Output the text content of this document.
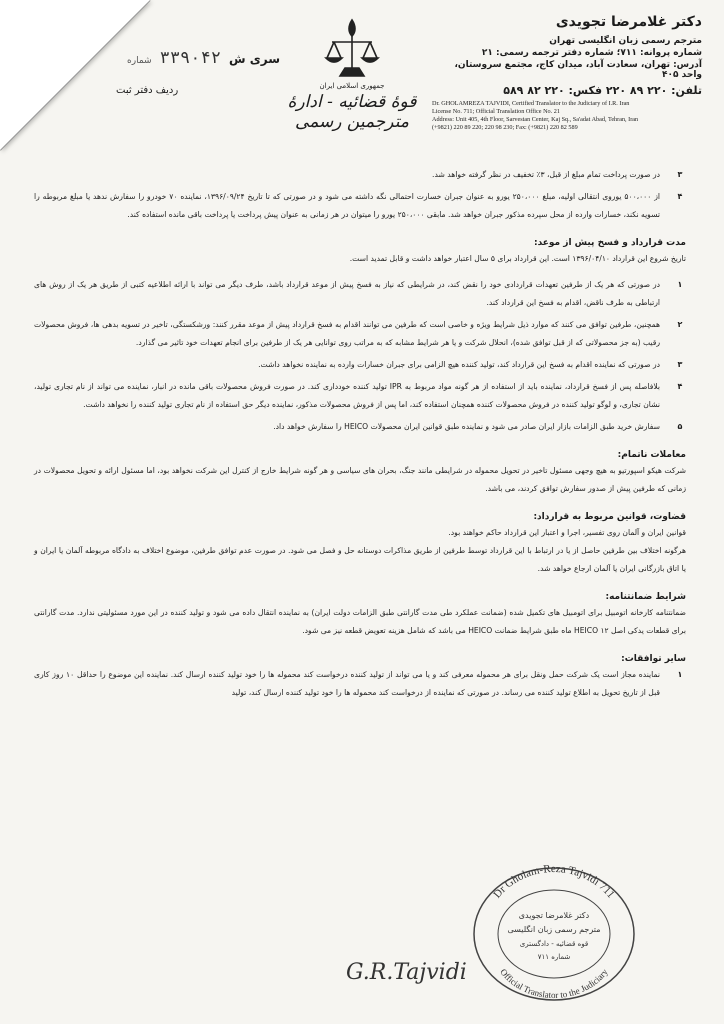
دکتر غلامرضا تجویدی

مترجم رسمی زبان انگلیسی تهران

شماره پروانه: ۷۱۱؛ شماره دفتر ترجمه رسمی: ۲۱

آدرس: تهران، سعادت آباد، میدان کاج، مجتمع سروستان، واحد ۴۰۵

تلفن: ۲۲۰ ۸۹ ۲۲۰ فکس: ۲۲۰ ۸۲ ۵۸۹

Dr. GHOLAMREZA TAJVIDI, Certified Translator to the Judiciary of I.R. Iran
License No. 711; Official Translation Office No. 21
Address: Unit 405, 4th Floor, Sarvestan Center, Kaj Sq., Sa'adat Abad, Tehran, Iran
(+9821) 220 89 220; 220 98 230; Fax: (+9821) 220 82 589
جمهوری اسلامی ایران
قوهٔ قضائیه - ادارهٔ مترجمین رسمی
سری ش
۳۳۹۰۴۲
شماره
ردیف دفتر ثبت
۳
در صورت پرداخت تمام مبلغ از قبل، ۳٪ تخفیف در نظر گرفته خواهد شد.
۴
از ۵۰۰،۰۰۰ یوروی انتقالی اولیه، مبلغ ۲۵۰،۰۰۰ یورو به عنوان جبران خسارت احتمالی نگه داشته می شود و در صورتی که تا تاریخ ۱۳۹۶/۰۹/۲۴، نماینده ۷۰ خودرو را سفارش ندهد یا مبلغ مربوطه را تسویه نکند، خسارات وارده از محل سپرده مذکور جبران خواهد شد. مابقی ۲۵۰،۰۰۰ یورو را میتوان در هر زمانی به عنوان پیش پرداخت یا پرداخت باقی مانده استفاده کند.

مدت قرارداد و فسخ پیش از موعد:

تاریخ شروع این قرارداد ۱۳۹۶/۰۴/۱۰ است. این قرارداد برای ۵ سال اعتبار خواهد داشت و قابل تمدید است.

۱
در صورتی که هر یک از طرفین تعهدات قراردادی خود را نقض کند، در شرایطی که نیاز به فسخ پیش از موعد قرارداد باشد، طرف دیگر می تواند با ارائه اطلاعیه کتبی از طریق هر یک از روش های ارتباطی به طرف ناقض، اقدام به فسخ این قرارداد کند.
۲
همچنین، طرفین توافق می کنند که موارد ذیل شرایط ویژه و خاصی است که طرفین می توانند اقدام به فسخ قرارداد پیش از موعد مقرر کنند: ورشکستگی، تاخیر در تسویه بدهی ها، فروش محصولات رقیب (به جز محصولاتی که از قبل توافق شده)، انحلال شرکت و یا هر شرایط مشابه که به مراتب روی توانایی هر یک از طرفین برای انجام تعهدات خود تاثیر می گذارد.
۳
در صورتی که نماینده اقدام به فسخ این قرارداد کند، تولید کننده هیچ الزامی برای جبران خسارات وارده به نماینده نخواهد داشت.
۴
بلافاصله پس از فسخ قرارداد، نماینده باید از استفاده از هر گونه مواد مربوط به IPR تولید کننده خودداری کند. در صورت فروش محصولات باقی مانده در انبار، نماینده می تواند از نام تجاری تولید، نشان تجاری، و لوگو تولید کننده در فروش محصولات کننده همچنان استفاده کند، اما پس از فروش محصولات مذکور، نماینده دیگر حق استفاده از نام تجاری تولید کننده را نخواهد داشت.
۵
سفارش خرید طبق الزامات بازار ایران صادر می شود و نماینده طبق قوانین ایران محصولات HEICO را سفارش خواهد داد.

معاملات ناتمام:

شرکت هیکو اسپورتیو به هیچ وجهی مسئول تاخیر در تحویل محموله در شرایطی مانند جنگ، بحران های سیاسی و هر گونه شرایط خارج از کنترل این شرکت نخواهد بود، اما مسئول ارائه و تحویل محصولات در زمانی که طرفین پیش از صدور سفارش توافق کردند، می باشد.

قضاوت، قوانین مربوط به قرارداد:

قوانین ایران و آلمان روی تفسیر، اجرا و اعتبار این قرارداد حاکم خواهند بود.

هرگونه اختلاف بین طرفین حاصل از یا در ارتباط با این قرارداد توسط طرفین از طریق مذاکرات دوستانه حل و فصل می شود. در صورت عدم توافق طرفین، موضوع اختلاف به دادگاه مربوطه آلمان یا ایران و یا اتاق بازرگانی ایران یا آلمان ارجاع خواهد شد.

شرایط ضمانتنامه:

ضمانتنامه کارخانه اتومبیل برای اتومبیل های تکمیل شده (ضمانت عملکرد طی مدت گارانتی طبق الزامات دولت ایران) به نماینده انتقال داده می شود و تولید کننده در این مورد مسئولیتی ندارد. مدت گارانتی برای قطعات یدکی اصل HEICO ۱۲ ماه طبق شرایط ضمانت HEICO می باشد که شامل هزینه تعویض قطعه نیز می شود.

سایر توافقات:

۱
نماینده مجاز است یک شرکت حمل ونقل برای هر محموله معرفی کند و یا می تواند از تولید کننده درخواست کند محموله ها را خود تولید کننده ارسال کند. نماینده این موضوع را حداقل ۱۰ روز کاری قبل از تاریخ تحویل به اطلاع تولید کننده می رساند. در صورتی که نماینده از درخواست کند محموله ها را خود تولید کننده ارسال کند، تولید
Dr Gholam-Reza Tajvidi 711
Official Translator to the Judiciary
دکتر غلامرضا تجویدی
مترجم رسمی زبان انگلیسی
قوه قضائیه - دادگستری
شماره ۷۱۱
G.R.Tajvidi
